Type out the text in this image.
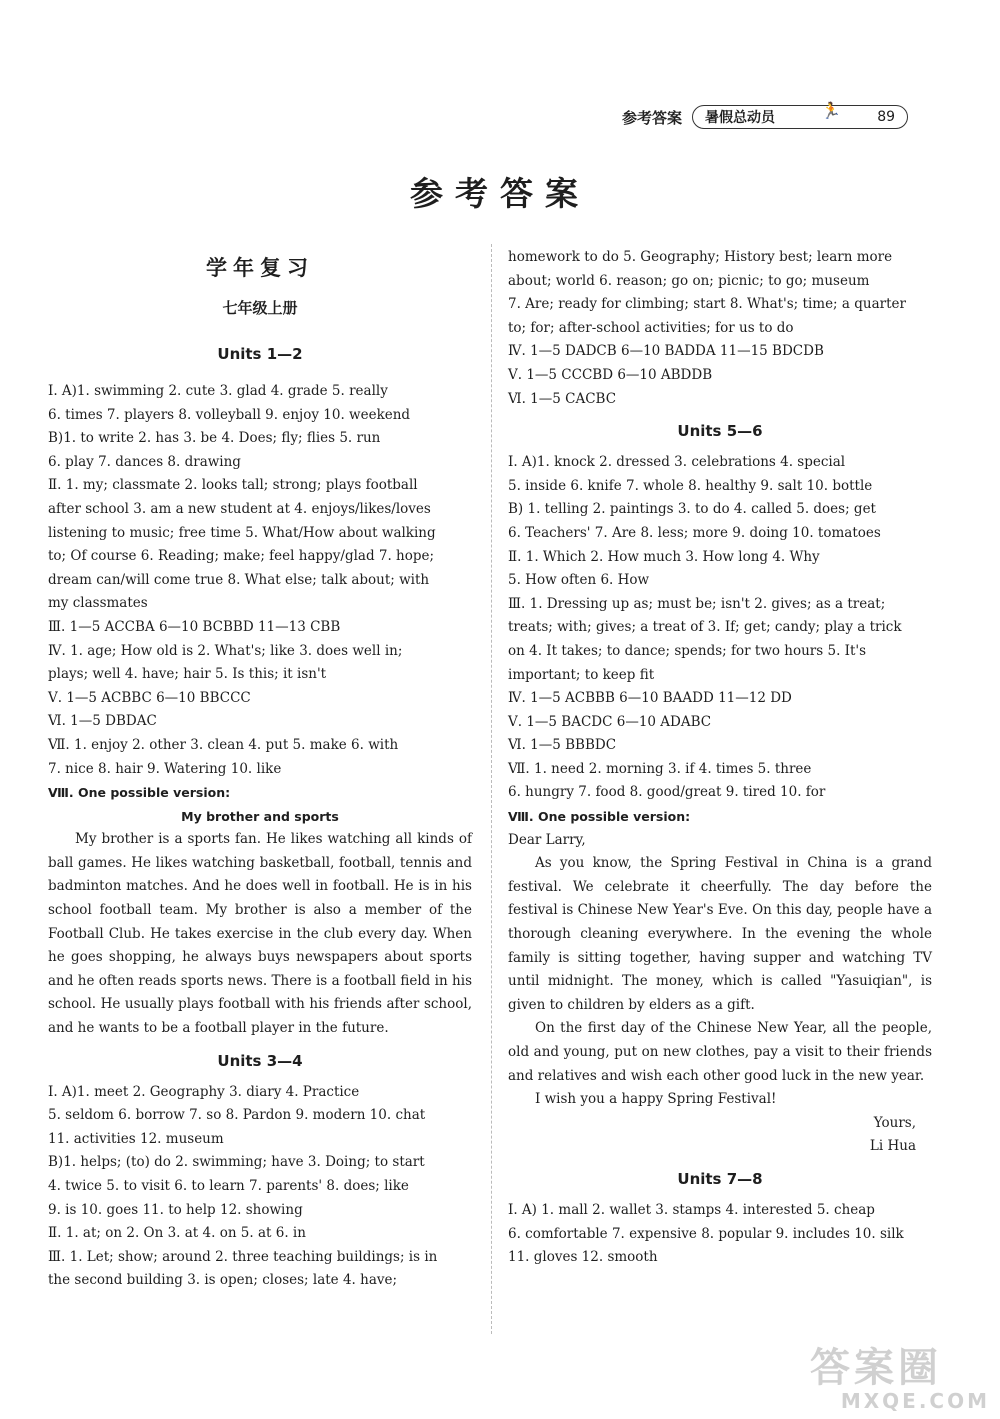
参考答案 暑假总动员	🏃	89
参考答案
学年复习
七年级上册
Units 1—2
Ⅰ. A)1. swimming 2. cute 3. glad 4. grade 5. really
6. times 7. players 8. volleyball 9. enjoy 10. weekend
B)1. to write 2. has 3. be 4. Does; fly; flies 5. run
6. play 7. dances 8. drawing
Ⅱ. 1. my; classmate 2. looks tall; strong; plays football
after school 3. am a new student at 4. enjoys/likes/loves
listening to music; free time 5. What/How about walking
to; Of course 6. Reading; make; feel happy/glad 7. hope;
dream can/will come true 8. What else; talk about; with
my classmates
Ⅲ. 1—5 ACCBA 6—10 BCBBD 11—13 CBB
Ⅳ. 1. age; How old is 2. What's; like 3. does well in;
plays; well 4. have; hair 5. Is this; it isn't
Ⅴ. 1—5 ACBBC 6—10 BBCCC
Ⅵ. 1—5 DBDAC
Ⅶ. 1. enjoy 2. other 3. clean 4. put 5. make 6. with
7. nice 8. hair 9. Watering 10. like
Ⅷ. One possible version:
My brother and sports
My brother is a sports fan. He likes watching all kinds of ball games. He likes watching basketball, football, tennis and badminton matches. And he does well in football. He is in his school football team. My brother is also a member of the Football Club. He takes exercise in the club every day. When he goes shopping, he always buys newspapers about sports and he often reads sports news. There is a football field in his school. He usually plays football with his friends after school, and he wants to be a football player in the future.
Units 3—4
Ⅰ. A)1. meet 2. Geography 3. diary 4. Practice
5. seldom 6. borrow 7. so 8. Pardon 9. modern 10. chat
11. activities 12. museum
B)1. helps; (to) do 2. swimming; have 3. Doing; to start
4. twice 5. to visit 6. to learn 7. parents' 8. does; like
9. is 10. goes 11. to help 12. showing
Ⅱ. 1. at; on 2. On 3. at 4. on 5. at 6. in
Ⅲ. 1. Let; show; around 2. three teaching buildings; is in
the second building 3. is open; closes; late 4. have;
homework to do 5. Geography; History best; learn more
about; world 6. reason; go on; picnic; to go; museum
7. Are; ready for climbing; start 8. What's; time; a quarter
to; for; after-school activities; for us to do
Ⅳ. 1—5 DADCB 6—10 BADDA 11—15 BDCDB
Ⅴ. 1—5 CCCBD 6—10 ABDDB
Ⅵ. 1—5 CACBC
Units 5—6
Ⅰ. A)1. knock 2. dressed 3. celebrations 4. special
5. inside 6. knife 7. whole 8. healthy 9. salt 10. bottle
B) 1. telling 2. paintings 3. to do 4. called 5. does; get
6. Teachers' 7. Are 8. less; more 9. doing 10. tomatoes
Ⅱ. 1. Which 2. How much 3. How long 4. Why
5. How often 6. How
Ⅲ. 1. Dressing up as; must be; isn't 2. gives; as a treat;
treats; with; gives; a treat of 3. If; get; candy; play a trick
on 4. It takes; to dance; spends; for two hours 5. It's
important; to keep fit
Ⅳ. 1—5 ACBBB 6—10 BAADD 11—12 DD
Ⅴ. 1—5 BACDC 6—10 ADABC
Ⅵ. 1—5 BBBDC
Ⅶ. 1. need 2. morning 3. if 4. times 5. three
6. hungry 7. food 8. good/great 9. tired 10. for
Ⅷ. One possible version:
Dear Larry,
As you know, the Spring Festival in China is a grand festival. We celebrate it cheerfully. The day before the festival is Chinese New Year's Eve. On this day, people have a thorough cleaning everywhere. In the evening the whole family is sitting together, having supper and watching TV until midnight. The money, which is called "Yasuiqian", is given to children by elders as a gift.
On the first day of the Chinese New Year, all the people, old and young, put on new clothes, pay a visit to their friends and relatives and wish each other good luck in the new year.
I wish you a happy Spring Festival!
Yours,
Li Hua
Units 7—8
Ⅰ. A) 1. mall 2. wallet 3. stamps 4. interested 5. cheap
6. comfortable 7. expensive 8. popular 9. includes 10. silk
11. gloves 12. smooth
答案圈
MXQE.COM
